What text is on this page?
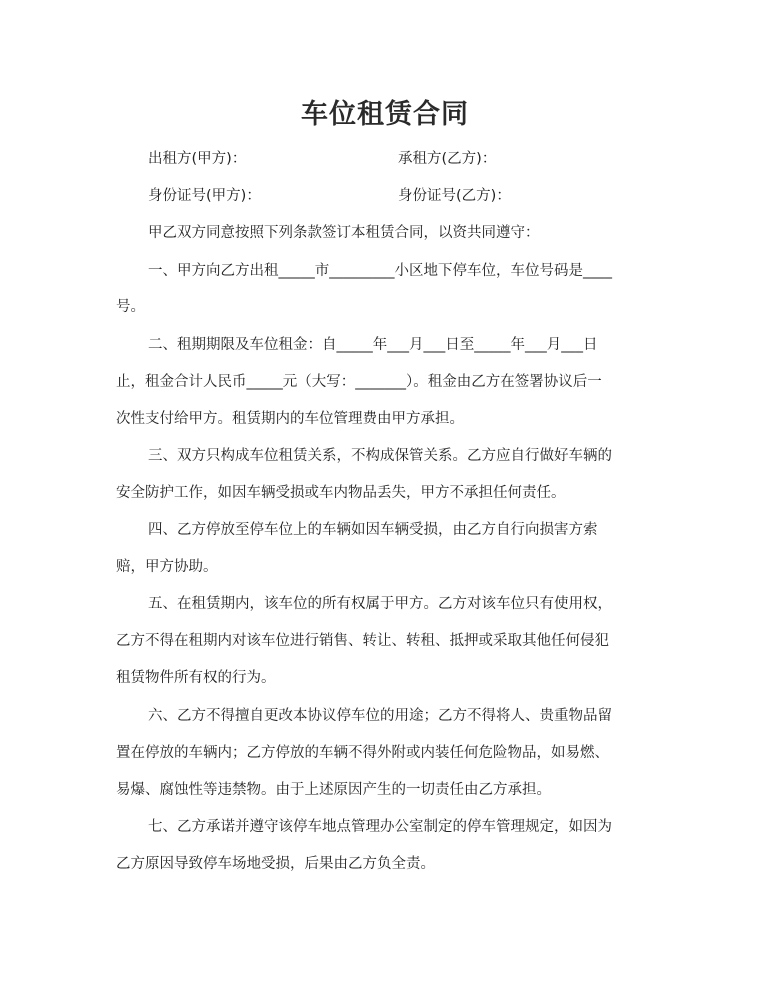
车位租赁合同
出租方(甲方)：	承租方(乙方)：
身份证号(甲方)：	身份证号(乙方)：
甲乙双方同意按照下列条款签订本租赁合同，以资共同遵守：
一、甲方向乙方出租_____市_________小区地下停车位，车位号码是____
号。
二、租期期限及车位租金：自_____年___月___日至_____年___月___日
止，租金合计人民币_____元（大写：_______）。租金由乙方在签署协议后一
次性支付给甲方。租赁期内的车位管理费由甲方承担。
三、双方只构成车位租赁关系，不构成保管关系。乙方应自行做好车辆的
安全防护工作，如因车辆受损或车内物品丢失，甲方不承担任何责任。
四、乙方停放至停车位上的车辆如因车辆受损，由乙方自行向损害方索
赔，甲方协助。
五、在租赁期内，该车位的所有权属于甲方。乙方对该车位只有使用权，
乙方不得在租期内对该车位进行销售、转让、转租、抵押或采取其他任何侵犯
租赁物件所有权的行为。
六、乙方不得擅自更改本协议停车位的用途；乙方不得将人、贵重物品留
置在停放的车辆内；乙方停放的车辆不得外附或内装任何危险物品，如易燃、
易爆、腐蚀性等违禁物。由于上述原因产生的一切责任由乙方承担。
七、乙方承诺并遵守该停车地点管理办公室制定的停车管理规定，如因为
乙方原因导致停车场地受损，后果由乙方负全责。
